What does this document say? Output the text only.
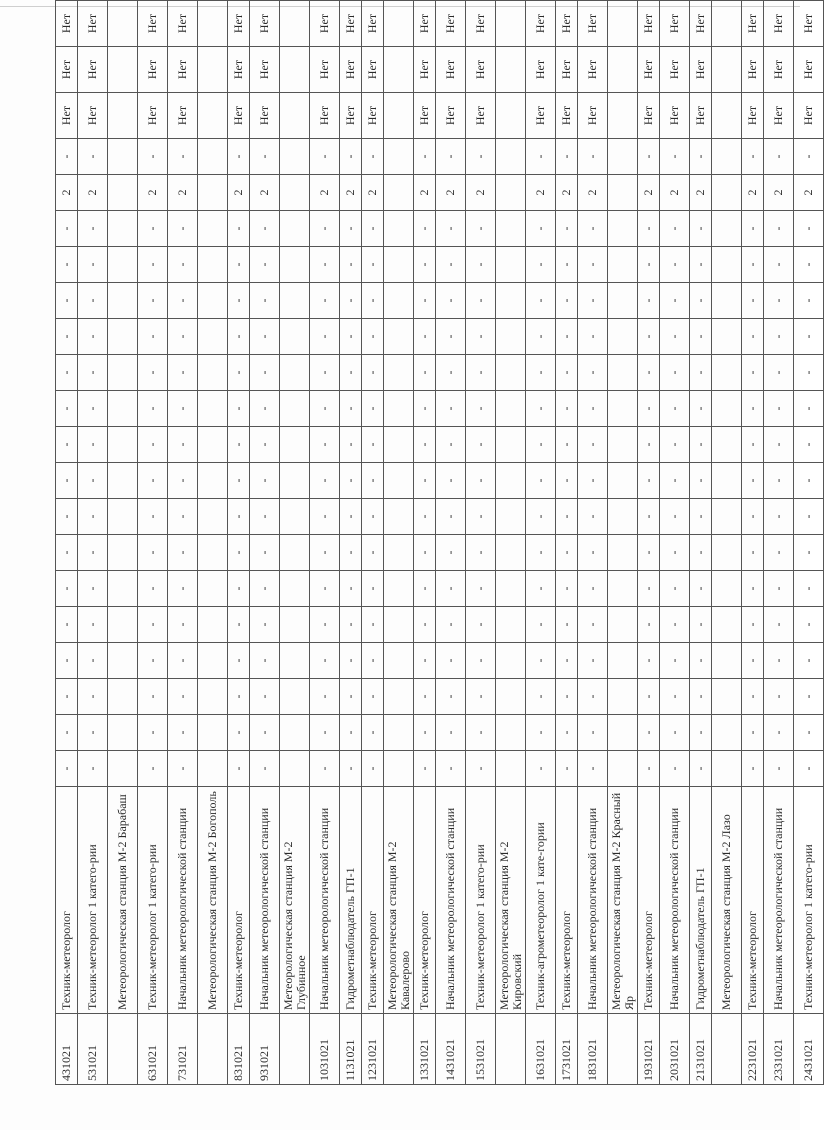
431021	Техник-метеоролог	-	-	-	-	-	-	-	-	-	-	-	-	-	-	-	-	2	-	Нет	Нет	Нет			
531021	Техник-метеоролог 1 катего-рии	-	-	-	-	-	-	-	-	-	-	-	-	-	-	-	-	2	-	Нет	Нет	Нет			
	Метеорологическая станция М-2 Барабаш																								
631021	Техник-метеоролог 1 катего-рии	-	-	-	-	-	-	-	-	-	-	-	-	-	-	-	-	2	-	Нет	Нет	Нет			
731021	Начальник метеорологической станции	-	-	-	-	-	-	-	-	-	-	-	-	-	-	-	-	2	-	Нет	Нет	Нет			
	Метеорологическая станция М-2 Богополь																								
831021	Техник-метеоролог	-	-	-	-	-	-	-	-	-	-	-	-	-	-	-	-	2	-	Нет	Нет	Нет			
931021	Начальник метеорологической станции	-	-	-	-	-	-	-	-	-	-	-	-	-	-	-	-	2	-	Нет	Нет	Нет			
	Метеорологическая станция М-2 Глубинное																								
1031021	Начальник метеорологической станции	-	-	-	-	-	-	-	-	-	-	-	-	-	-	-	-	2	-	Нет	Нет	Нет			
1131021	Гидрометнаблюдатель ГП-1	-	-	-	-	-	-	-	-	-	-	-	-	-	-	-	-	2	-	Нет	Нет	Нет			
1231021	Техник-метеоролог	-	-	-	-	-	-	-	-	-	-	-	-	-	-	-	-	2	-	Нет	Нет	Нет			
	Метеорологическая станция М-2 Кавалерово																								
1331021	Техник-метеоролог	-	-	-	-	-	-	-	-	-	-	-	-	-	-	-	-	2	-	Нет	Нет	Нет			
1431021	Начальник метеорологической станции	-	-	-	-	-	-	-	-	-	-	-	-	-	-	-	-	2	-	Нет	Нет	Нет			
1531021	Техник-метеоролог 1 катего-рии	-	-	-	-	-	-	-	-	-	-	-	-	-	-	-	-	2	-	Нет	Нет	Нет			
	Метеорологическая станция М-2 Кировский																								
1631021	Техник-агрометеоролог 1 кате-гории	-	-	-	-	-	-	-	-	-	-	-	-	-	-	-	-	2	-	Нет	Нет	Нет			
1731021	Техник-метеоролог	-	-	-	-	-	-	-	-	-	-	-	-	-	-	-	-	2	-	Нет	Нет	Нет			
1831021	Начальник метеорологической станции	-	-	-	-	-	-	-	-	-	-	-	-	-	-	-	-	2	-	Нет	Нет	Нет			
	Метеорологическая станция М-2 Красный Яр																								
1931021	Техник-метеоролог	-	-	-	-	-	-	-	-	-	-	-	-	-	-	-	-	2	-	Нет	Нет	Нет			
2031021	Начальник метеорологической станции	-	-	-	-	-	-	-	-	-	-	-	-	-	-	-	-	2	-	Нет	Нет	Нет			
2131021	Гидрометнаблюдатель ГП-1	-	-	-	-	-	-	-	-	-	-	-	-	-	-	-	-	2	-	Нет	Нет	Нет			
	Метеорологическая станция М-2 Лазо																								
2231021	Техник-метеоролог	-	-	-	-	-	-	-	-	-	-	-	-	-	-	-	-	2	-	Нет	Нет	Нет			
2331021	Начальник метеорологической станции	-	-	-	-	-	-	-	-	-	-	-	-	-	-	-	-	2	-	Нет	Нет	Нет			
2431021	Техник-метеоролог 1 катего-рии	-	-	-	-	-	-	-	-	-	-	-	-	-	-	-	-	2	-	Нет	Нет	Нет			
